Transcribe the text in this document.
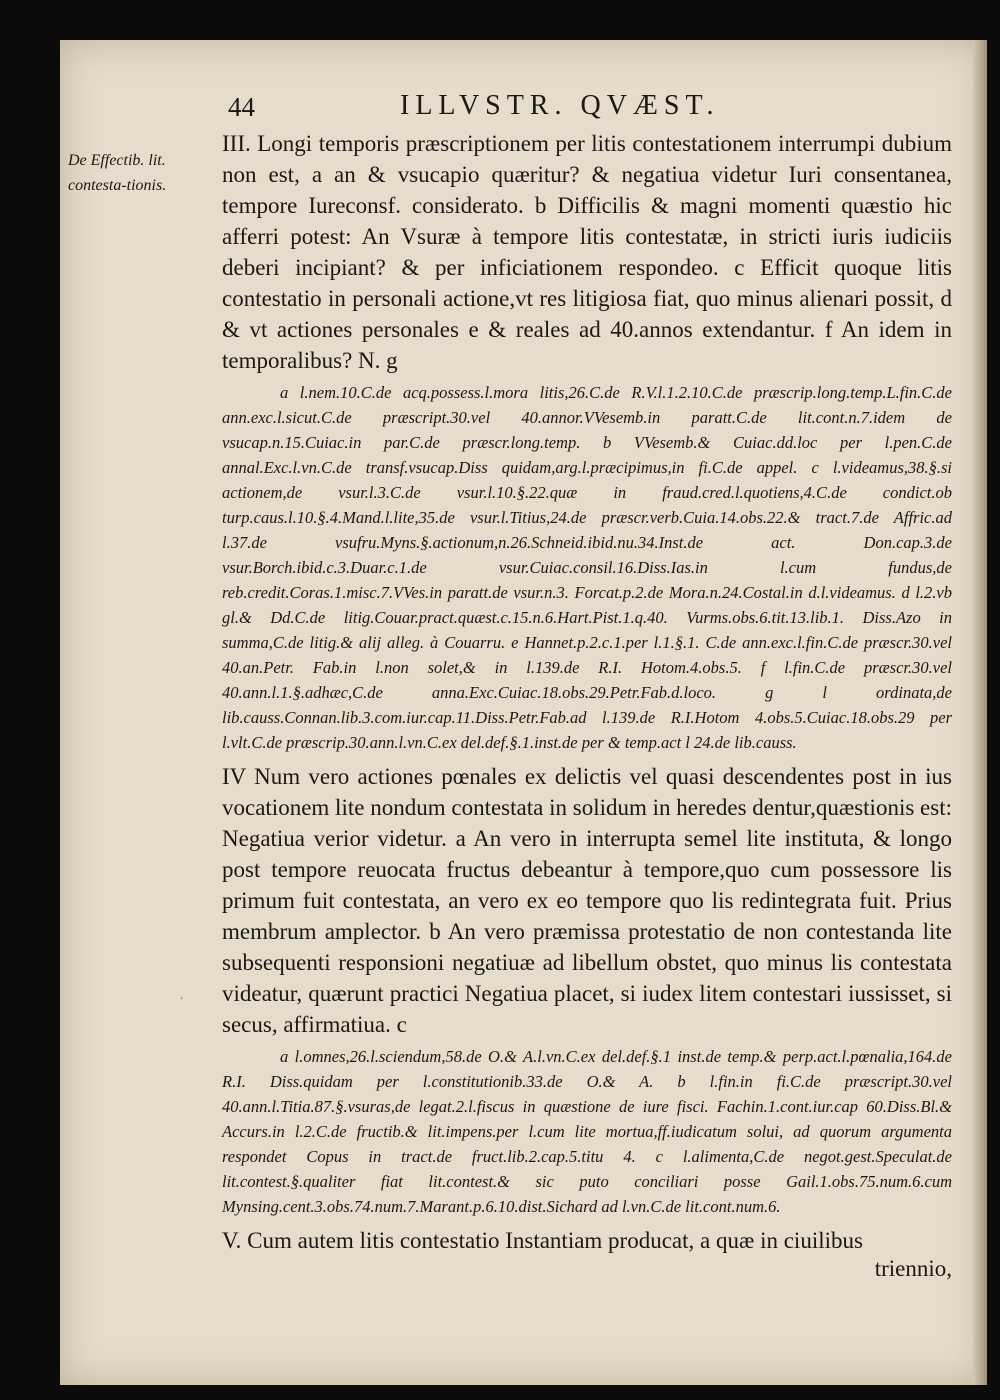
44	ILLVSTR. QVÆST.
De Effectib. lit. contesta-tionis.

III. Longi temporis præscriptionem per litis contestationem interrumpi dubium non est, a an & vsucapio quæritur? & negatiua videtur Iuri consentanea, tempore Iureconsf. considerato. b Difficilis & magni momenti quæstio hic afferri potest: An Vsuræ à tempore litis contestatæ, in stricti iuris iudiciis deberi incipiant? & per inficiationem respondeo. c Efficit quoque litis contestatio in personali actione,vt res litigiosa fiat, quo minus alienari possit, d & vt actiones personales e & reales ad 40.annos extendantur. f An idem in temporalibus? N. g

a l.nem.10.C.de acq.possess.l.mora litis,26.C.de R.V.l.1.2.10.C.de præscrip.long.temp.L.fin.C.de ann.exc.l.sicut.C.de præscript.30.vel 40.annor.VVesemb.in paratt.C.de lit.cont.n.7.idem de vsucap.n.15.Cuiac.in par.C.de præscr.long.temp. b VVesemb.& Cuiac.dd.loc per l.pen.C.de annal.Exc.l.vn.C.de transf.vsucap.Diss quidam,arg.l.præcipimus,in fi.C.de appel. c l.videamus,38.§.si actionem,de vsur.l.3.C.de vsur.l.10.§.22.quæ in fraud.cred.l.quotiens,4.C.de condict.ob turp.caus.l.10.§.4.Mand.l.lite,35.de vsur.l.Titius,24.de præscr.verb.Cuia.14.obs.22.& tract.7.de Affric.ad l.37.de vsufru.Myns.§.actionum,n.26.Schneid.ibid.nu.34.Inst.de act. Don.cap.3.de vsur.Borch.ibid.c.3.Duar.c.1.de vsur.Cuiac.consil.16.Diss.Ias.in l.cum fundus,de reb.credit.Coras.1.misc.7.VVes.in paratt.de vsur.n.3. Forcat.p.2.de Mora.n.24.Costal.in d.l.videamus. d l.2.vb gl.& Dd.C.de litig.Couar.pract.quæst.c.15.n.6.Hart.Pist.1.q.40. Vurms.obs.6.tit.13.lib.1. Diss.Azo in summa,C.de litig.& alij alleg. à Couarru. e Hannet.p.2.c.1.per l.1.§.1. C.de ann.exc.l.fin.C.de præscr.30.vel 40.an.Petr. Fab.in l.non solet,& in l.139.de R.I. Hotom.4.obs.5. f l.fin.C.de præscr.30.vel 40.ann.l.1.§.adhæc,C.de anna.Exc.Cuiac.18.obs.29.Petr.Fab.d.loco. g l ordinata,de lib.causs.Connan.lib.3.com.iur.cap.11.Diss.Petr.Fab.ad l.139.de R.I.Hotom 4.obs.5.Cuiac.18.obs.29 per l.vlt.C.de præscrip.30.ann.l.vn.C.ex del.def.§.1.inst.de per & temp.act l 24.de lib.causs.

IV Num vero actiones pœnales ex delictis vel quasi descendentes post in ius vocationem lite nondum contestata in solidum in heredes dentur,quæstionis est: Negatiua verior videtur. a An vero in interrupta semel lite instituta, & longo post tempore reuocata fructus debeantur à tempore,quo cum possessore lis primum fuit contestata, an vero ex eo tempore quo lis redintegrata fuit. Prius membrum amplector. b An vero præmissa protestatio de non contestanda lite subsequenti responsioni negatiuæ ad libellum obstet, quo minus lis contestata videatur, quærunt practici Negatiua placet, si iudex litem contestari iussisset, si secus, affirmatiua. c

a l.omnes,26.l.sciendum,58.de O.& A.l.vn.C.ex del.def.§.1 inst.de temp.& perp.act.l.pœnalia,164.de R.I. Diss.quidam per l.constitutionib.33.de O.& A. b l.fin.in fi.C.de præscript.30.vel 40.ann.l.Titia.87.§.vsuras,de legat.2.l.fiscus in quæstione de iure fisci. Fachin.1.cont.iur.cap 60.Diss.Bl.& Accurs.in l.2.C.de fructib.& lit.impens.per l.cum lite mortua,ff.iudicatum solui, ad quorum argumenta respondet Copus in tract.de fruct.lib.2.cap.5.titu 4. c l.alimenta,C.de negot.gest.Speculat.de lit.contest.§.qualiter fiat lit.contest.& sic puto conciliari posse Gail.1.obs.75.num.6.cum Mynsing.cent.3.obs.74.num.7.Marant.p.6.10.dist.Sichard ad l.vn.C.de lit.cont.num.6.

V. Cum autem litis contestatio Instantiam producat, a quæ in ciuilibus

triennio,

᠂
